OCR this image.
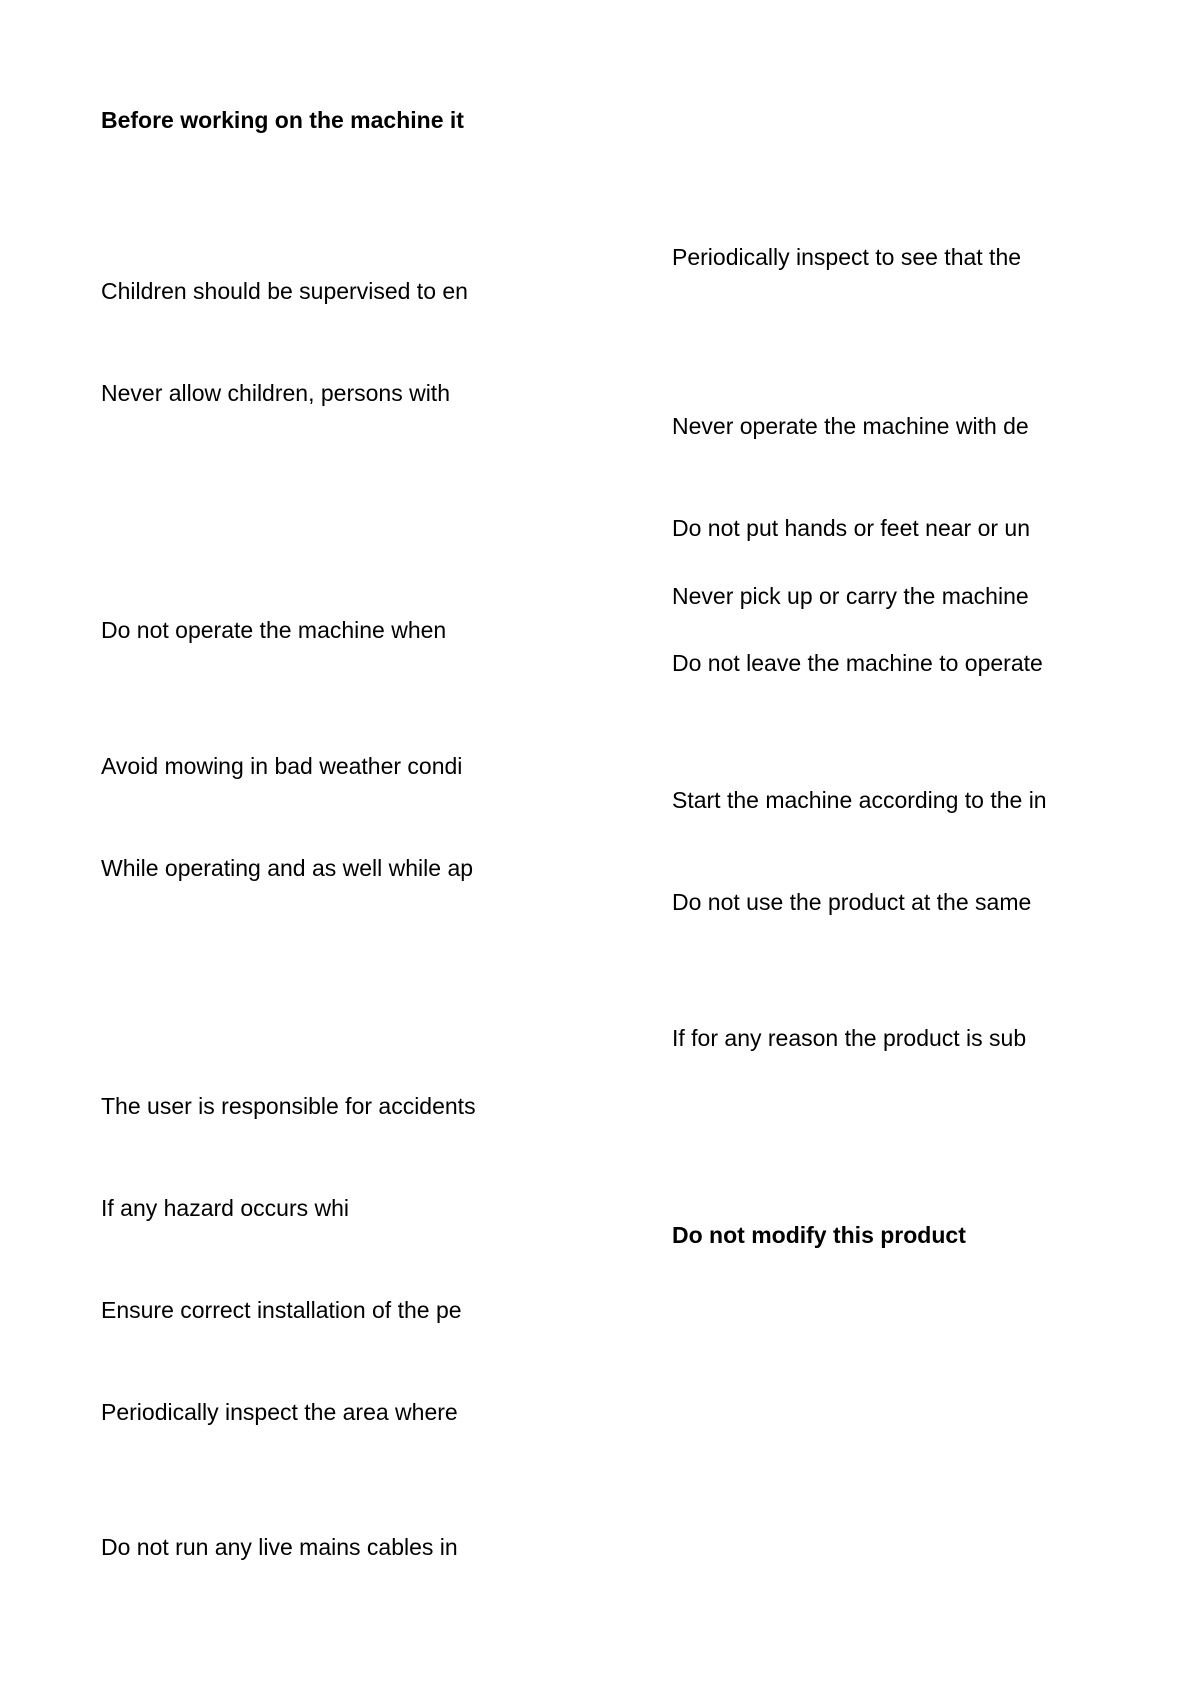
Before working on the machine it
Children should be supervised to en
Never allow children, persons with
Do not operate the machine when
Avoid mowing in bad weather condi
While operating and as well while ap
The user is responsible for accidents
If any hazard occurs whi
Ensure correct installation of the pe
Periodically inspect the area where
Do not run any live mains cables in
Periodically inspect to see that the
Never operate the machine with de
Do not put hands or feet near or un
Never pick up or carry the machine
Do not leave the machine to operate
Start the machine according to the in
Do not use the product at the same
If for any reason the product is sub
Do not modify this product
